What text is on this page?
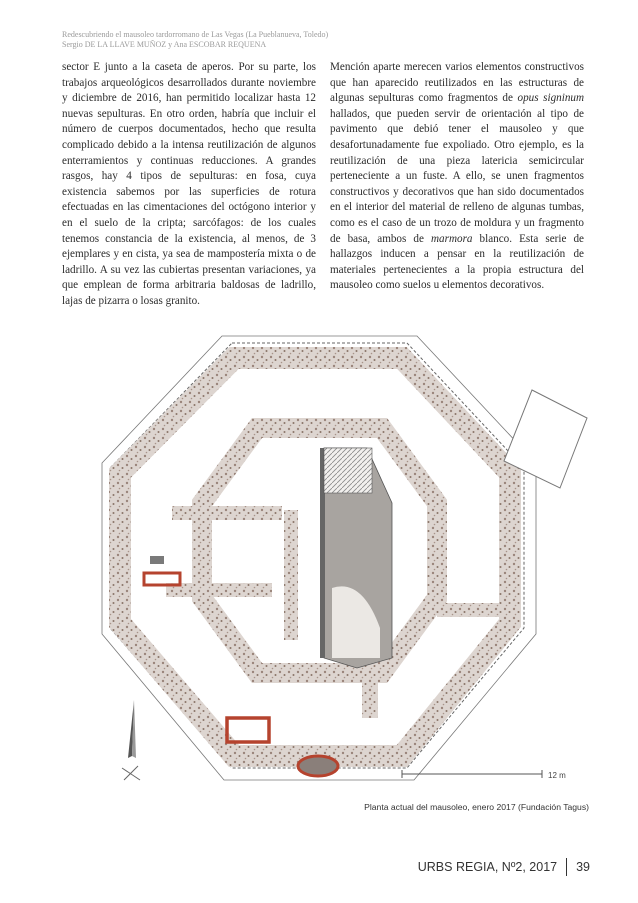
Redescubriendo el mausoleo tardorromano de Las Vegas (La Pueblanueva, Toledo)
Sergio DE LA LLAVE MUÑOZ y Ana ESCOBAR REQUENA

sector E junto a la caseta de aperos. Por su parte, los trabajos arqueológicos desarrollados durante noviembre y diciembre de 2016, han permitido localizar hasta 12 nuevas sepulturas. En otro orden, habría que incluir el número de cuerpos documentados, hecho que resulta complicado debido a la intensa reutilización de algunos enterramientos y continuas reducciones. A grandes rasgos, hay 4 tipos de sepulturas: en fosa, cuya existencia sabemos por las superficies de rotura efectuadas en las cimentaciones del octógono interior y en el suelo de la cripta; sarcófagos: de los cuales tenemos constancia de la existencia, al menos, de 3 ejemplares y en cista, ya sea de mampostería mixta o de ladrillo. A su vez las cubiertas presentan variaciones, ya que emplean de forma arbitraria baldosas de ladrillo, lajas de pizarra o losas granito.

Mención aparte merecen varios elementos constructivos que han aparecido reutilizados en las estructuras de algunas sepulturas como fragmentos de opus signinum hallados, que pueden servir de orientación al tipo de pavimento que debió tener el mausoleo y que desafortunadamente fue expoliado. Otro ejemplo, es la reutilización de una pieza latericia semicircular perteneciente a un fuste. A ello, se unen fragmentos constructivos y decorativos que han sido documentados en el interior del material de relleno de algunas tumbas, como es el caso de un trozo de moldura y un fragmento de basa, ambos de marmora blanco. Esta serie de hallazgos inducen a pensar en la reutilización de materiales pertenecientes a la propia estructura del mausoleo como suelos u elementos decorativos.

12 m
Planta actual del mausoleo, enero 2017 (Fundación Tagus)
URBS REGIA, Nº2, 2017 39
